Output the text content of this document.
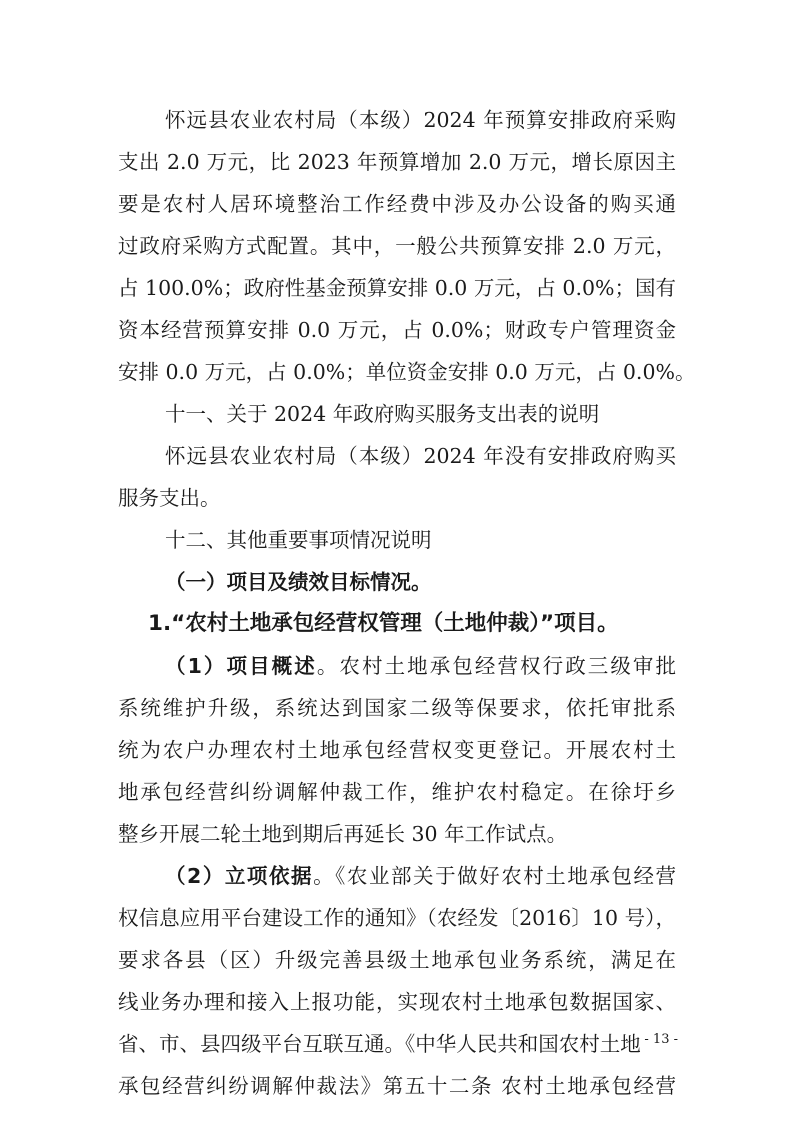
怀远县农业农村局（本级）2024 年预算安排政府采购
支出 2.0 万元，比 2023 年预算增加 2.0 万元，增长原因主
要是农村人居环境整治工作经费中涉及办公设备的购买通
过政府采购方式配置。其中，一般公共预算安排 2.0 万元，
占 100.0%；政府性基金预算安排 0.0 万元，占 0.0%；国有
资本经营预算安排 0.0 万元，占 0.0%；财政专户管理资金
安排 0.0 万元，占 0.0%；单位资金安排 0.0 万元，占 0.0%。
十一、关于 2024 年政府购买服务支出表的说明
怀远县农业农村局（本级）2024 年没有安排政府购买
服务支出。
十二、其他重要事项情况说明
（一）项目及绩效目标情况。
1.“农村土地承包经营权管理（土地仲裁）”项目。
（1）项目概述。农村土地承包经营权行政三级审批
系统维护升级，系统达到国家二级等保要求，依托审批系
统为农户办理农村土地承包经营权变更登记。开展农村土
地承包经营纠纷调解仲裁工作，维护农村稳定。在徐圩乡
整乡开展二轮土地到期后再延长 30 年工作试点。
（2）立项依据。《农业部关于做好农村土地承包经营
权信息应用平台建设工作的通知》（农经发〔2016〕10 号），
要求各县（区）升级完善县级土地承包业务系统，满足在
线业务办理和接入上报功能，实现农村土地承包数据国家、
省、市、县四级平台互联互通。《中华人民共和国农村土地
承包经营纠纷调解仲裁法》第五十二条 农村土地承包经营
- 13 -
